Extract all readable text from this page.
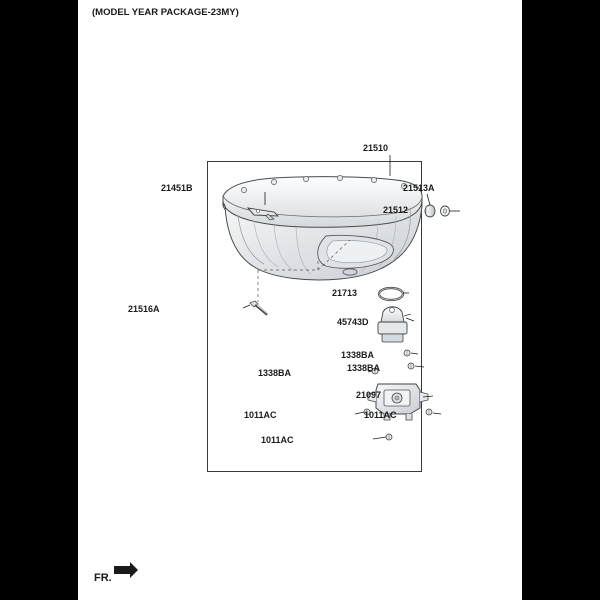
(MODEL YEAR PACKAGE-23MY)
21510
21451B	21513A
21512
21713
21516A
45743D
1338BA
1338BA
1338BA
21097
1011AC	1011AC
1011AC
FR.
